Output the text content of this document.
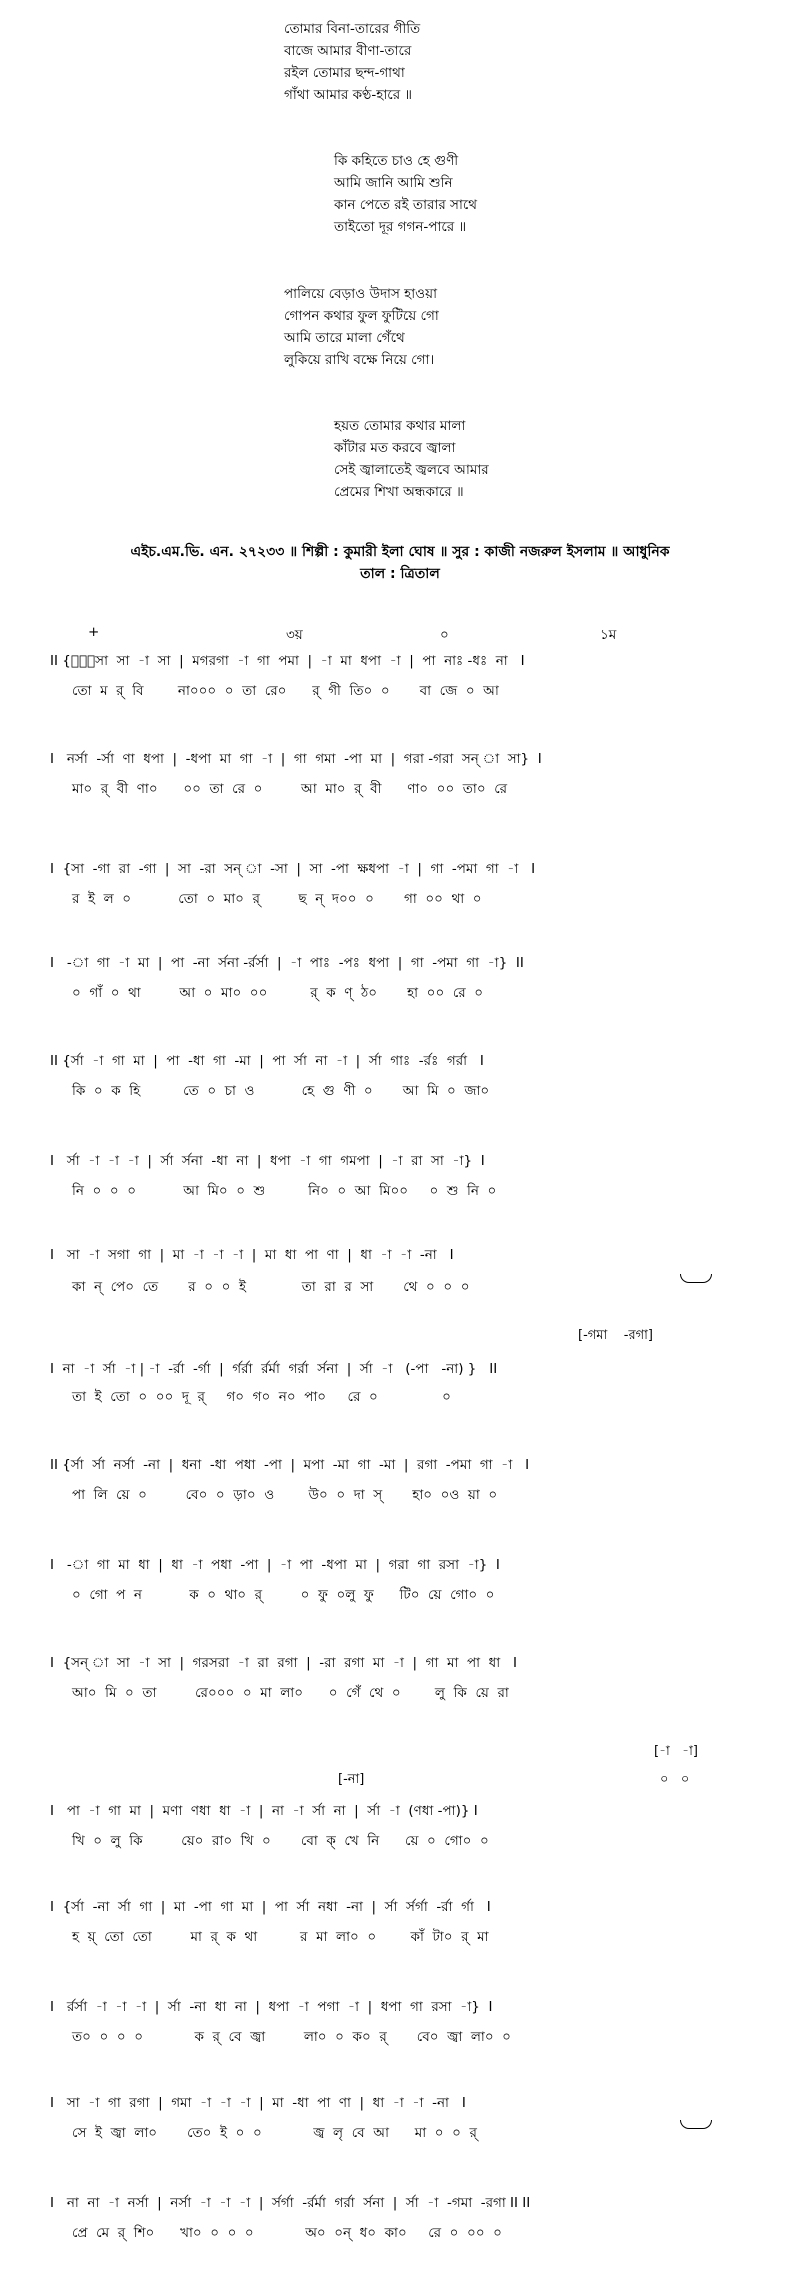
তোমার বিনা-তারের গীতি
বাজে আমার বীণা-তারে
রইল তোমার ছন্দ-গাথা
গাঁথা আমার কণ্ঠ-হারে ॥
কি কহিতে চাও হে গুণী
আমি জানি আমি শুনি
কান পেতে রই তারার সাথে
তাইতো দূর গগন-পারে ॥
পালিয়ে বেড়াও উদাস হাওয়া
গোপন কথার ফুল ফুটিয়ে গো
আমি তারে মালা গেঁথে
লুকিয়ে রাখি বক্ষে নিয়ে গো।
হয়ত তোমার কথার মালা
কাঁটার মত করবে জ্বালা
সেই জ্বালাতেই জ্বলবে আমার
প্রেমের শিখা অন্ধকারে ॥
এইচ.এম.ভি. এন. ২৭২৩৩ ॥ শিল্পী : কুমারী ইলা ঘোষ ॥ সুর : কাজী নজরুল ইসলাম ॥ আধুনিক
তাল : ত্রিতাল
+	৩য়	০	১ম
II {ন্॒সা  সা  -া  সা  |  মগরগা  -া  গা  পমা  |  -া  মা  ধপা  -া  |  পা  নাঃ -ধঃ  না   I
তো  ম  র্  বি        না০০০  ০  তা  রে০      র্  গী  তি০  ০       বা  জে  ০  আ
I   নর্সা  -র্সা  ণা  ধপা  |  -ধপা  মা  গা  -া  |  গা  গমা  -পা  মা  |  গরা -গরা  সন্ া  সা}  I
মা০  র্  বী  ণা০      ০০  তা  রে  ০         আ  মা০  র্  বী      ণা০  ০০  তা০  রে
I  {সা  -গা  রা  -গা  |  সা  -রা  সন্ া  -সা  |  সা  -পা  ক্ষধপা  -া  |  গা  -পমা  গা  -া   I
র  ই  ল  ০           তো  ০  মা০  র্         ছ  ন্  দ০০  ০       গা  ০০  থা  ০
I   -া  গা  -া  মা  |  পা  -না  র্সনা -র্রর্সা  |  -া  পাঃ  -পঃ  ধপা  |  গা  -পমা  গা  -া}  II
০  গাঁ  ০  থা         আ  ০  মা০  ০০          র্  ক  ণ্  ঠ০       হা  ০০  রে  ০
II {র্সা  -া  গা  মা  |  পা  -ধা  গা  -মা  |  পা  র্সা  না  -া  |  র্সা  গাঃ  -র্রঃ  গর্রা   I
কি  ০  ক  হি          তে  ০  চা  ও           হে  গু  ণী  ০       আ  মি  ০  জা০
I   র্সা  -া  -া  -া  |  র্সা  র্সনা  -ধা  না  |  ধপা  -া  গা  গমপা  |  -া  রা  সা  -া}  I
নি  ০  ০  ০           আ  মি০  ০  শু          নি০  ০  আ  মি০০     ০  শু  নি  ০
I   সা  -া  সগা  গা  |  মা  -া  -া  -া  |  মা  ধা  পা  ণা  |  ধা  -া  -া  -না   I
কা  ন্  পে০  তে       র  ০  ০  ই             তা  রা  র  সা       থে  ০  ০  ০
[-গমা    -রগা]
I  না  -া  র্সা  -া | -া  -র্রা  -র্গা  |  র্গর্রা  র্রর্মা  গর্রা  র্সনা  |  র্সা  -া   (-পা   -না) }   II
তা  ই  তো  ০  ০০  দূ  র্     গ০  গ০  ন০  পা০     রে  ০               ০
II {র্সা  র্সা  নর্সা  -না  |  ধনা  -ধা  পধা  -পা  |  মপা  -মা  গা  -মা  |  রগা  -পমা  গা  -া   I
পা  লি  য়ে  ০         বে০  ০  ড়া০  ও        উ০  ০  দা  স্       হা০  ০ও  য়া  ০
I   -া  গা  মা  ধা  |  ধা  -া  পধা  -পা  |  -া  পা  -ধপা  মা  |  গরা  গা  রসা  -া}  I
০  গো  প  ন           ক  ০  থা০  র্         ০  ফু  ০লু  ফু      টি০  য়ে  গো০  ০
I  {সন্ া  সা  -া  সা  |  গরসরা  -া  রা  রগা  |  -রা  রগা  মা  -া  |  গা  মা  পা  ধা   I
আ০  মি  ০  তা         রে০০০  ০  মা  লা০      ০  গেঁ  থে  ০        লু  কি  য়ে  রা
[-া   -া]
০   ০
[-না]
I   পা  -া  গা  মা  |  মণা  ণধা  ধা  -া  |  না  -া  র্সা  না  |  র্সা  -া  (ণধা -পা)} I
খি  ০  লু  কি         য়ে০  রা০  খি  ০       বো  ক্  খে  নি      য়ে  ০  গো০  ০
I  {র্সা  -না  র্সা  গা  |  মা  -পা  গা  মা  |  পা  র্সা  নধা  -না  |  র্সা  র্সর্গা  -র্রা  র্গা   I
হ  য়্  তো  তো         মা  র্  ক  থা          র  মা  লা০  ০        কাঁ  টা০  র্  মা
I   র্রর্সা  -া  -া  -া  |  র্সা  -না  ধা  না  |  ধপা  -া  পগা  -া  |  ধপা  গা  রসা  -া}  I
ত০  ০  ০  ০            ক  র্  বে  জ্বা         লা০  ০  ক০  র্       বে০  জ্বা  লা০  ০
I   সা  -া  গা  রগা  |  গমা  -া  -া  -া  |  মা  -ধা  পা  ণা  |  ধা  -া  -া  -না   I
সে  ই  জ্বা  লা০       তে০  ই  ০  ০            জ্ব  লৃ  বে  আ      মা  ০  ০  র্
I   না  না  -া  নর্সা  |  নর্সা  -া  -া  -া  |  র্সর্গা  -র্রর্মা  গর্রা  র্সনা  |  র্সা  -া  -গমা  -রগা II II
প্রে  মে  র্  শি০      খা০  ০  ০  ০            অ০  ০ন্  ধ০  কা০     রে  ০  ০০  ০
